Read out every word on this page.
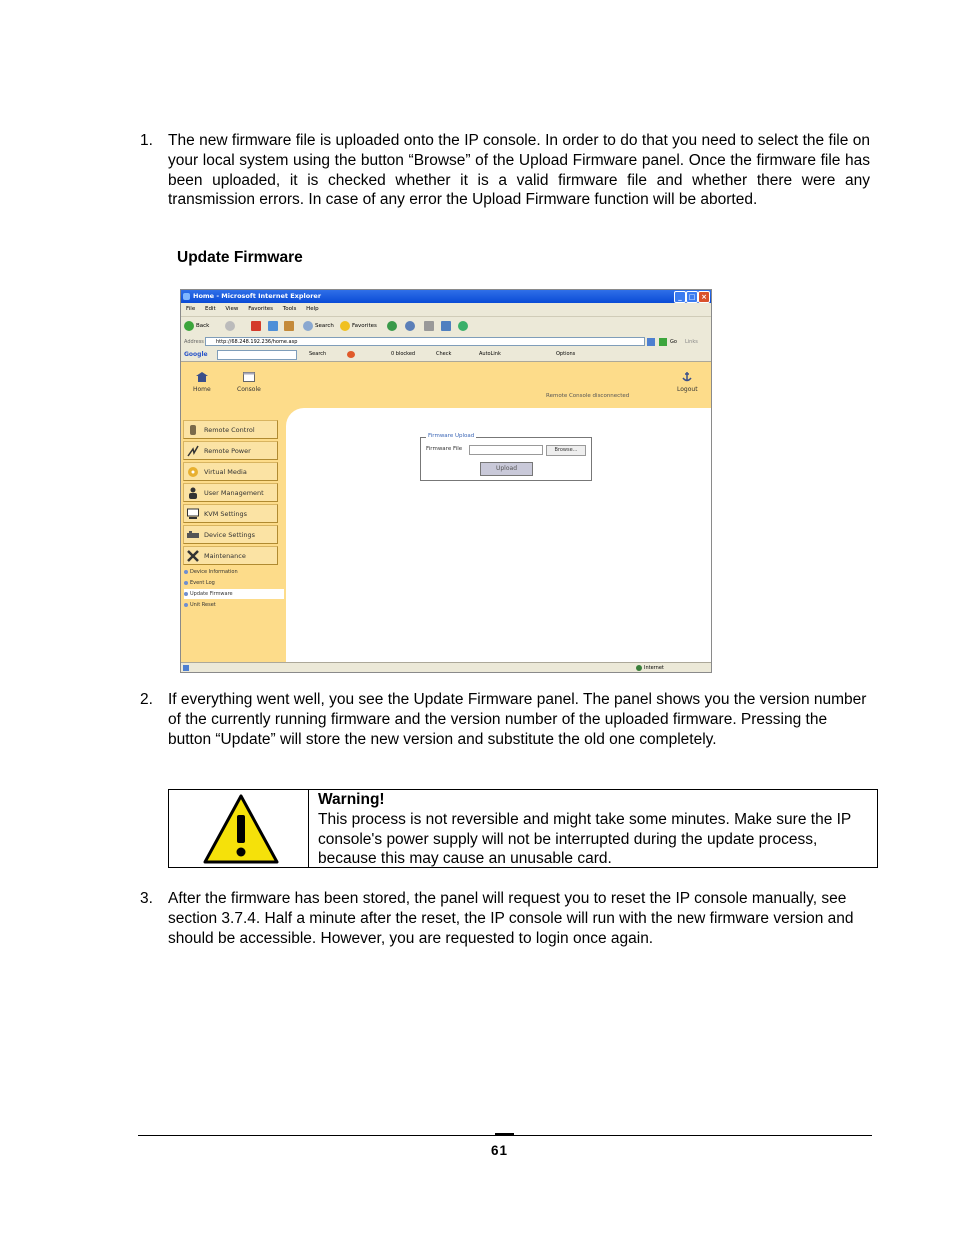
1. The new firmware file is uploaded onto the IP console. In order to do that you need to select the file on your local system using the button “Browse” of the Upload Firmware panel. Once the firmware file has been uploaded, it is checked whether it is a valid firmware file and whether there were any transmission errors. In case of any error the Upload Firmware function will be aborted.
Update Firmware
Home - Microsoft Internet Explorer	_ □ ×
File Edit View Favorites Tools Help
Back	Search	Favorites
Address	http://68.248.192.236/home.asp	Go Links
Google	Search	0 blocked	Check	AutoLink	Options
Home	Console
Remote Console disconnected
Logout
Remote Control
Remote Power
Virtual Media
User Management
KVM Settings
Device Settings
Maintenance
Device Information
Event Log
Update Firmware
Unit Reset
Firmware Upload
Firmware File	Browse...
Upload
Internet
2. If everything went well, you see the Update Firmware panel. The panel shows you the version number of the currently running firmware and the version number of the uploaded firmware. Pressing the button “Update” will store the new version and substitute the old one completely.
Warning!
This process is not reversible and might take some minutes. Make sure the IP console's power supply will not be interrupted during the update process, because this may cause an unusable card.
3. After the firmware has been stored, the panel will request you to reset the IP console manually, see section 3.7.4. Half a minute after the reset, the IP console will run with the new firmware version and should be accessible. However, you are requested to login once again.
61
